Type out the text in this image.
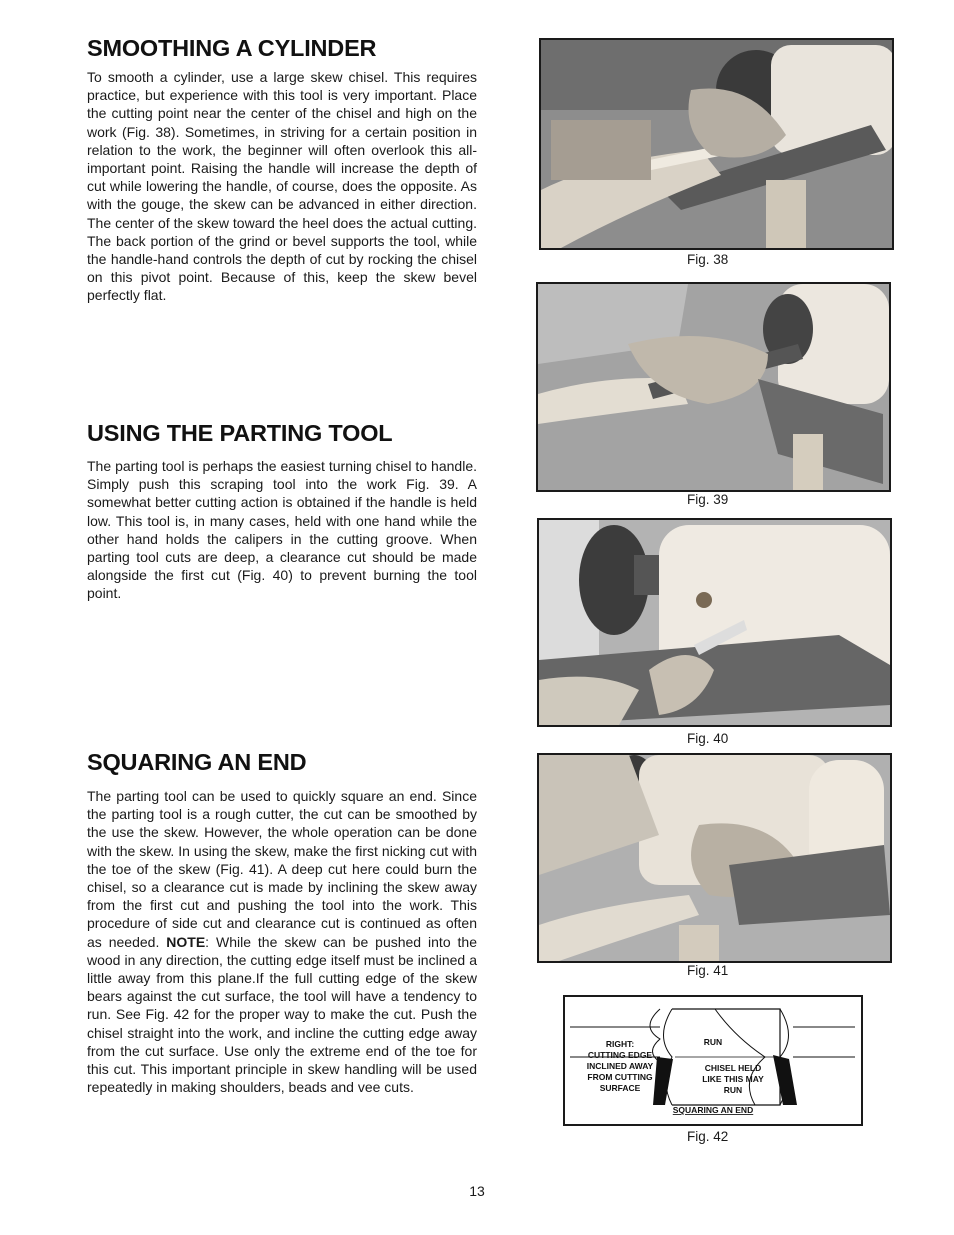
SMOOTHING A CYLINDER

To smooth a cylinder, use a large skew chisel. This requires practice, but experience with this tool is very important. Place the cutting point near the center of the chisel and high on the work (Fig. 38). Sometimes, in striving for a certain position in relation to the work, the beginner will often overlook this all-important point. Raising the handle will increase the depth of cut while lowering the handle, of course, does the opposite. As with the gouge, the skew can be advanced in either direction. The center of the skew toward the heel does the actual cutting. The back portion of the grind or bevel supports the tool, while the handle-hand controls the depth of cut by rocking the chisel on this pivot point. Because of this, keep the skew bevel perfectly flat.

USING THE PARTING TOOL

The parting tool is perhaps the easiest turning chisel to handle. Simply push this scraping tool into the work Fig. 39. A somewhat better cutting action is obtained if the handle is held low. This tool is, in many cases, held with one hand while the other hand holds the calipers in the cutting groove. When parting tool cuts are deep, a clearance cut should be made alongside the first cut (Fig. 40) to prevent burning the tool point.

SQUARING AN END

The parting tool can be used to quickly square an end. Since the parting tool is a rough cutter, the cut can be smoothed by the use the skew. However, the whole operation can be done with the skew. In using the skew, make the first nicking cut with the toe of the skew (Fig. 41). A deep cut here could burn the chisel, so a clearance cut is made by inclining the skew away from the first cut and pushing the tool into the work. This procedure of side cut and clearance cut is continued as often as needed. NOTE: While the skew can be pushed into the wood in any direction, the cutting edge itself must be inclined a little away from this plane.If the full cutting edge of the skew bears against the cut surface, the tool will have a tendency to run. See Fig. 42 for the proper way to make the cut. Push the chisel straight into the work, and incline the cutting edge away from the cut surface. Use only the extreme end of the toe for this cut. This important principle in skew handling will be used repeatedly in making shoulders, beads and vee cuts.

Fig. 38
Fig. 39
Fig. 40
Fig. 41
RIGHT:
CUTTING EDGE
INCLINED AWAY
FROM CUTTING
SURFACE
RUN
CHISEL HELD
LIKE THIS MAY
RUN
SQUARING AN END
Fig. 42
13
